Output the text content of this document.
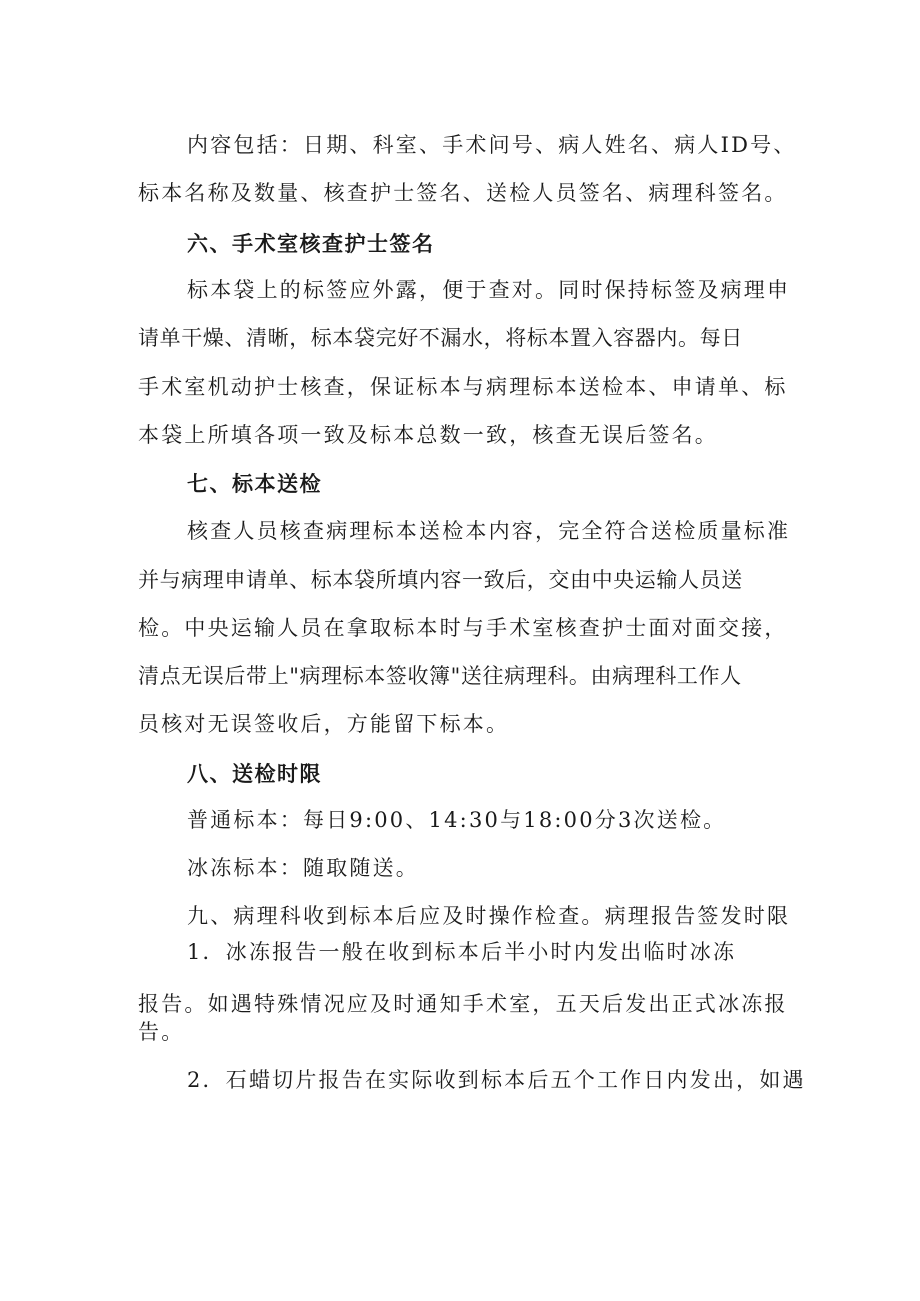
内容包括：日期、科室、手术问号、病人姓名、病人ID号、
标本名称及数量、核查护士签名、送检人员签名、病理科签名。
六、手术室核查护士签名
标本袋上的标签应外露，便于查对。同时保持标签及病理申
请单干燥、清晰，标本袋完好不漏水，将标本置入容器内。每日
手术室机动护士核查，保证标本与病理标本送检本、申请单、标
本袋上所填各项一致及标本总数一致，核查无误后签名。
七、标本送检
核查人员核查病理标本送检本内容，完全符合送检质量标准
并与病理申请单、标本袋所填内容一致后，交由中央运输人员送
检。中央运输人员在拿取标本时与手术室核查护士面对面交接，
清点无误后带上"病理标本签收簿"送往病理科。由病理科工作人
员核对无误签收后，方能留下标本。
八、送检时限
普通标本：每日9:00、14:30与18:00分3次送检。
冰冻标本：随取随送。
九、病理科收到标本后应及时操作检查。病理报告签发时限
1．冰冻报告一般在收到标本后半小时内发出临时冰冻
报告。如遇特殊情况应及时通知手术室，五天后发出正式冰冻报
告。
2．石蜡切片报告在实际收到标本后五个工作日内发出，如遇
